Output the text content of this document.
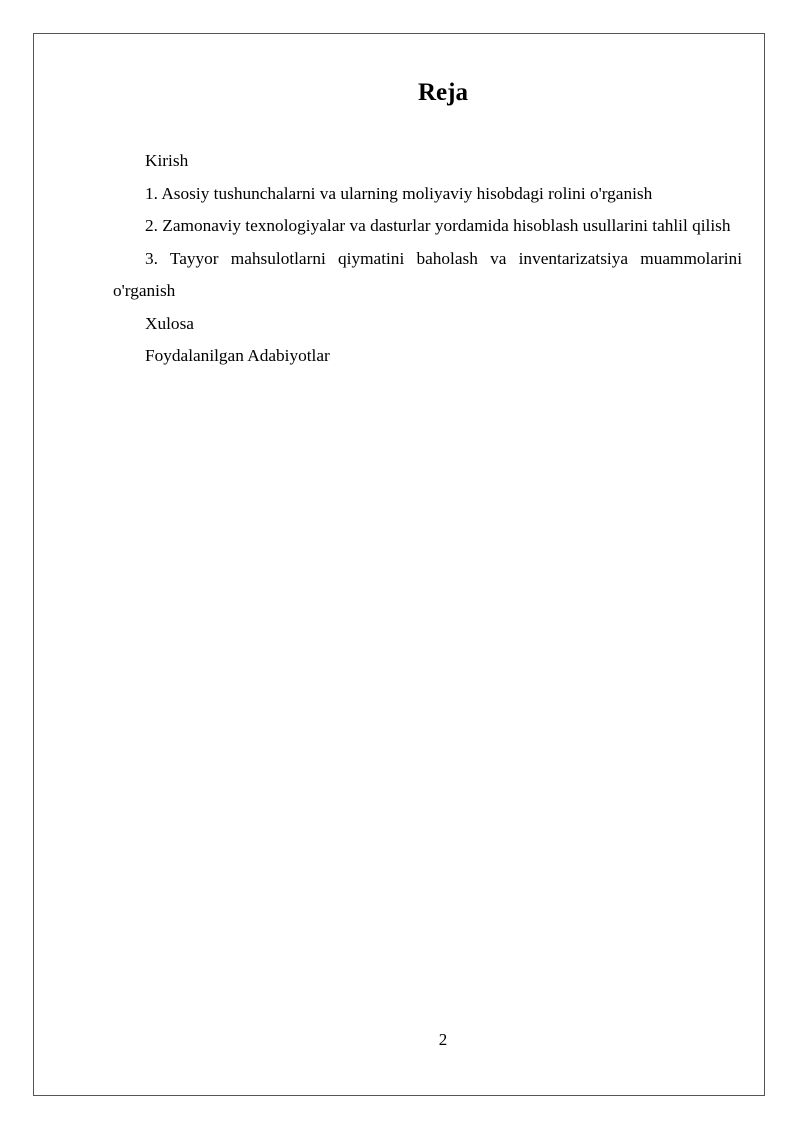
Reja

Kirish

1. Asosiy tushunchalarni va ularning moliyaviy hisobdagi rolini o'rganish

2. Zamonaviy texnologiyalar va dasturlar yordamida hisoblash usullarini tahlil qilish

3. Tayyor mahsulotlarni qiymatini baholash va inventarizatsiya muammolarini o'rganish

Xulosa

Foydalanilgan Adabiyotlar

2
